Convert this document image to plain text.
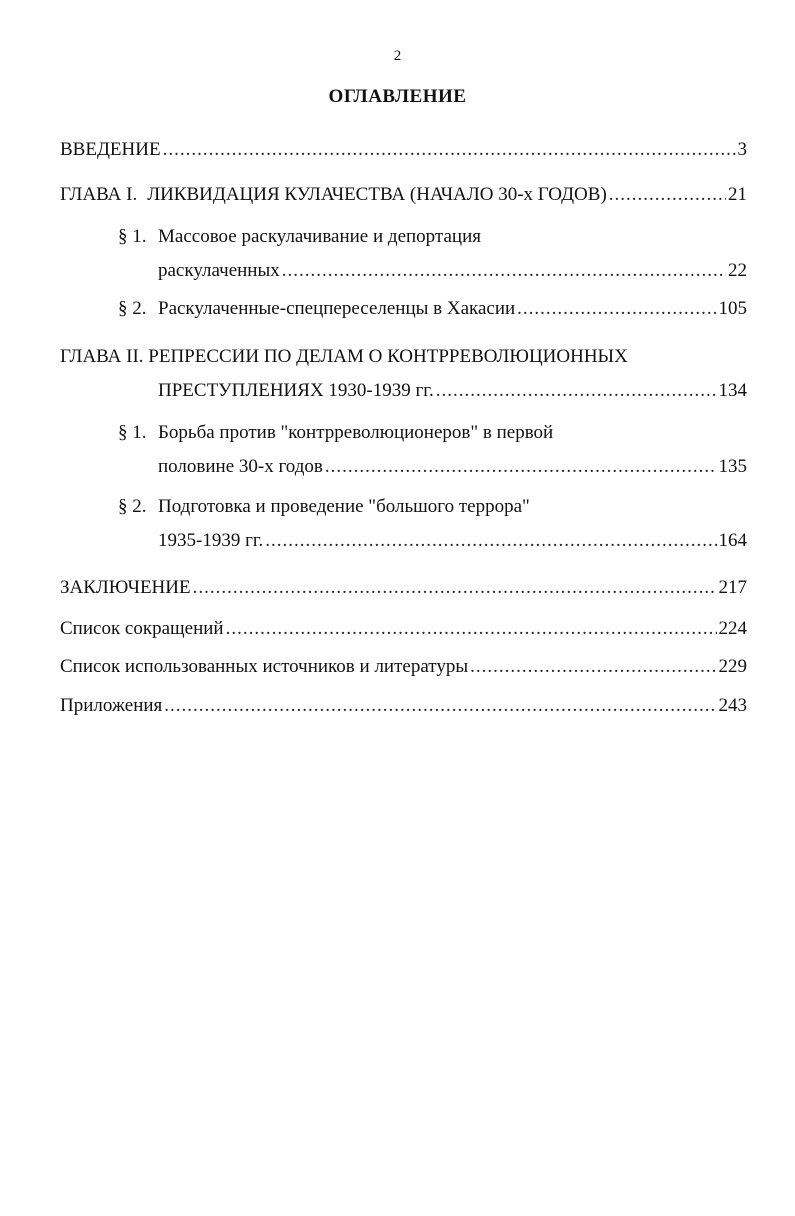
2
ОГЛАВЛЕНИЕ
ВВЕДЕНИЕ .....	3
ГЛАВА I. ЛИКВИДАЦИЯ КУЛАЧЕСТВА (НАЧАЛО 30-х ГОДОВ) .....	21
§ 1. Массовое раскулачивание и депортация
раскулаченных .....	22
§ 2. Раскулаченные-спецпереселенцы в Хакасии .....	105
ГЛАВА II. РЕПРЕССИИ ПО ДЕЛАМ О КОНТРРЕВОЛЮЦИОННЫХ
ПРЕСТУПЛЕНИЯХ 1930-1939 гг. .....	134
§ 1. Борьба против "контрреволюционеров" в первой
половине 30-х годов .....	135
§ 2. Подготовка и проведение "большого террора"
1935-1939 гг. .....	164
ЗАКЛЮЧЕНИЕ .....	217
Список сокращений .....	224
Список использованных источников и литературы .....	229
Приложения .....	243
